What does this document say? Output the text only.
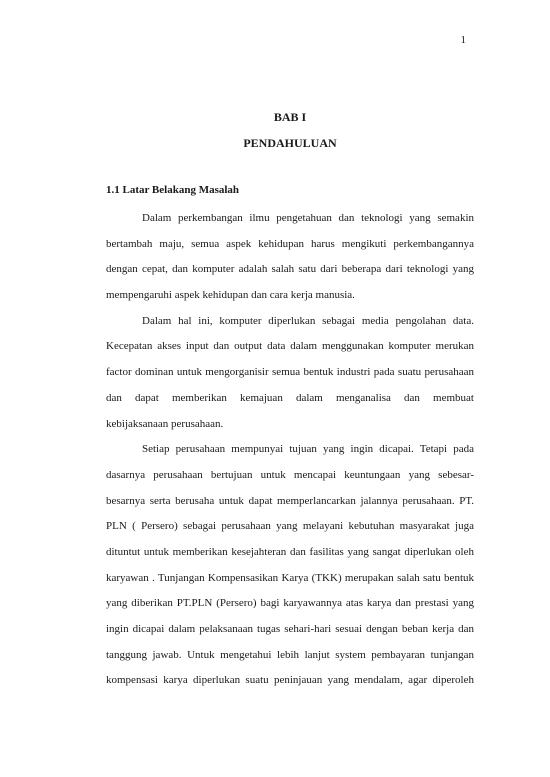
1
BAB I
PENDAHULUAN
1.1 Latar Belakang Masalah
Dalam perkembangan ilmu pengetahuan dan teknologi yang semakin
bertambah maju, semua aspek kehidupan harus mengikuti perkembangannya
dengan cepat, dan komputer adalah salah satu dari beberapa dari teknologi yang
mempengaruhi aspek kehidupan dan cara kerja manusia.
Dalam hal ini, komputer diperlukan sebagai media pengolahan data.
Kecepatan akses input dan output data dalam menggunakan komputer merukan
factor dominan untuk mengorganisir semua bentuk industri pada suatu perusahaan
dan dapat memberikan kemajuan dalam menganalisa dan membuat
kebijaksanaan perusahaan.
Setiap perusahaan mempunyai tujuan yang ingin dicapai. Tetapi pada
dasarnya perusahaan bertujuan untuk mencapai keuntungaan yang sebesar-
besarnya serta berusaha untuk dapat memperlancarkan jalannya perusahaan. PT.
PLN ( Persero) sebagai perusahaan yang melayani kebutuhan masyarakat juga
dituntut untuk memberikan kesejahteran dan fasilitas yang sangat diperlukan oleh
karyawan . Tunjangan Kompensasikan Karya (TKK) merupakan salah satu bentuk
yang diberikan PT.PLN (Persero) bagi karyawannya atas karya dan prestasi yang
ingin dicapai dalam pelaksanaan tugas sehari-hari sesuai dengan beban kerja dan
tanggung jawab. Untuk mengetahui lebih lanjut system pembayaran tunjangan
kompensasi karya diperlukan suatu peninjauan yang mendalam, agar diperoleh
